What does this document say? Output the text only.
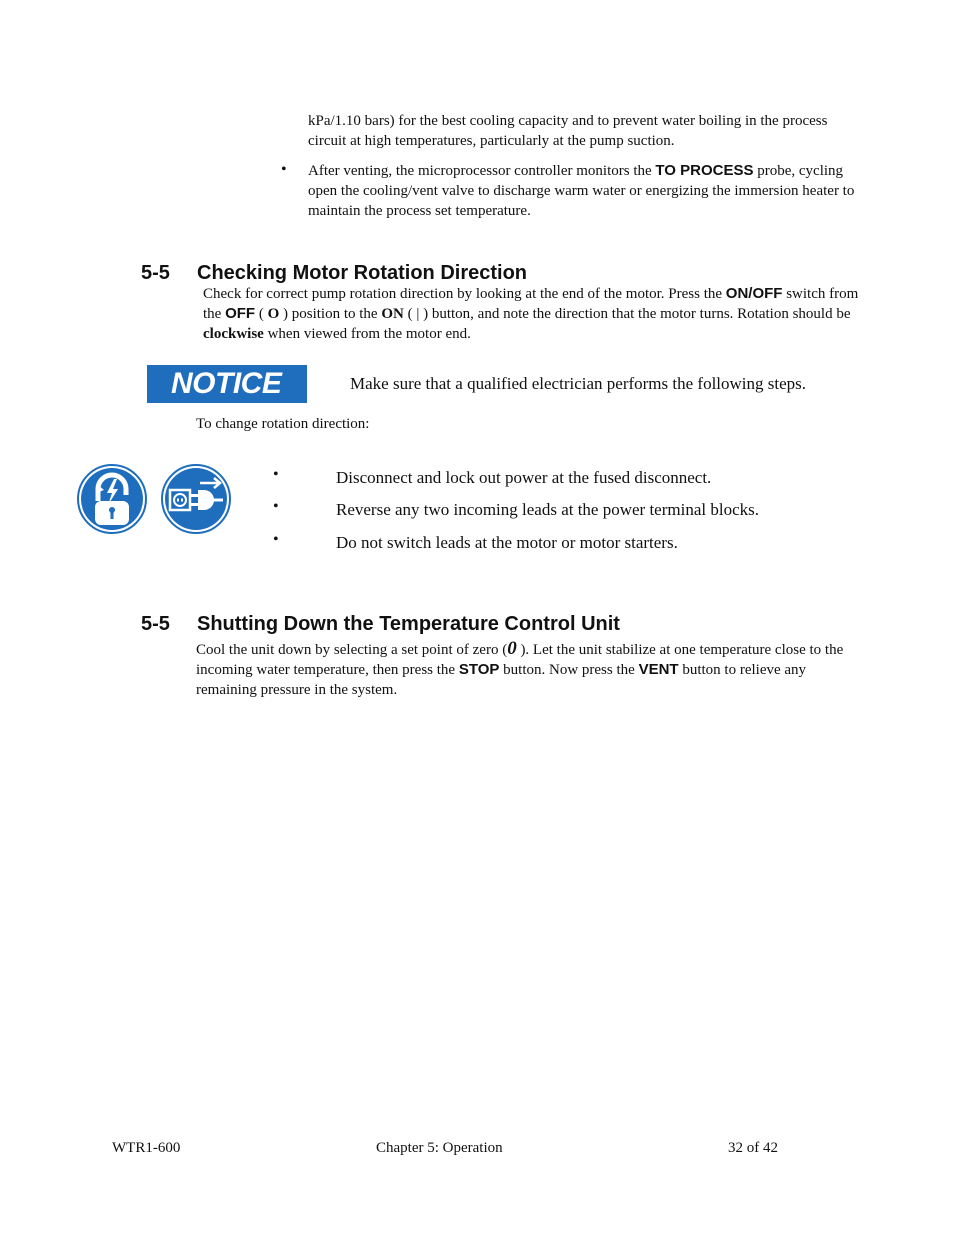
kPa/1.10 bars) for the best cooling capacity and to prevent water boiling in the process circuit at high temperatures, particularly at the pump suction.
• After venting, the microprocessor controller monitors the TO PROCESS probe, cycling open the cooling/vent valve to discharge warm water or energizing the immersion heater to maintain the process set temperature.
5-5 Checking Motor Rotation Direction
Check for correct pump rotation direction by looking at the end of the motor. Press the ON/OFF switch from the OFF ( O ) position to the ON ( | ) button, and note the direction that the motor turns. Rotation should be clockwise when viewed from the motor end.
NOTICE	Make sure that a qualified electrician performs the following steps.
To change rotation direction:
•	Disconnect and lock out power at the fused disconnect.
•	Reverse any two incoming leads at the power terminal blocks.
•	Do not switch leads at the motor or motor starters.
5-5 Shutting Down the Temperature Control Unit
Cool the unit down by selecting a set point of zero (0 ). Let the unit stabilize at one temperature close to the incoming water temperature, then press the STOP button. Now press the VENT button to relieve any remaining pressure in the system.
WTR1-600	Chapter 5: Operation	32 of 42
